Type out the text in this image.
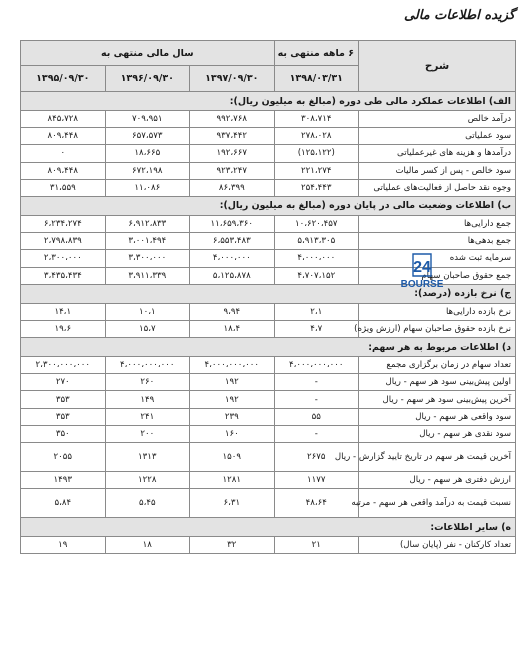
گزیده اطلاعات مالی
شرح	۶ ماهه منتهی به	سال مالی منتهی به		
	۱۳۹۸/۰۳/۳۱	۱۳۹۷/۰۹/۳۰	۱۳۹۶/۰۹/۳۰	۱۳۹۵/۰۹/۳۰
الف) اطلاعات عملکرد مالی طی دوره (مبالغ به میلیون ریال):				
درآمد خالص	۳۰۸،۷۱۴	۹۹۲،۷۶۸	۷۰۹،۹۵۱	۸۴۵،۷۲۸
سود عملیاتی	۲۷۸،۰۲۸	۹۳۷،۴۴۲	۶۵۷،۵۷۳	۸۰۹،۴۴۸
درآمدها و هزینه های غیرعملیاتی	(۱۲۵،۱۲۲)	۱۹۲،۶۶۷	۱۸،۶۶۵	۰
سود خالص - پس از کسر مالیات	۲۲۱،۲۷۴	۹۲۳،۲۴۷	۶۷۲،۱۹۸	۸۰۹،۴۴۸
وجوه نقد حاصل از فعالیت‌های عملیاتی	۲۵۴،۴۴۳	۸۶،۳۹۹	۱۱،۰۸۶	۳۱،۵۵۹
ب) اطلاعات وضعیت مالی در پایان دوره (مبالغ به میلیون ریال):				
جمع دارایی‌ها	۱۰،۶۲۰،۴۵۷	۱۱،۶۵۹،۳۶۰	۶،۹۱۲،۸۳۳	۶،۲۳۴،۲۷۴
جمع بدهی‌ها	۵،۹۱۳،۳۰۵	۶،۵۵۳،۴۸۳	۳،۰۰۱،۴۹۴	۲،۷۹۸،۸۳۹
سرمایه ثبت شده	۴،۰۰۰،۰۰۰	۴،۰۰۰،۰۰۰	۳،۳۰۰،۰۰۰	۲،۳۰۰،۰۰۰
جمع حقوق صاحبان سهام	۴،۷۰۷،۱۵۲	۵،۱۲۵،۸۷۸	۳،۹۱۱،۳۳۹	۳،۴۳۵،۴۳۴
ج) نرخ بازده (درصد):				
نرخ بازده دارایی‌ها	۲،۱	۹،۹۴	۱۰،۱	۱۴،۱
نرخ بازده حقوق صاحبان سهام (ارزش ویژه)	۴،۷	۱۸،۴	۱۵،۷	۱۹،۶
د) اطلاعات مربوط به هر سهم:				
تعداد سهام در زمان برگزاری مجمع	۴،۰۰۰،۰۰۰،۰۰۰	۴،۰۰۰،۰۰۰،۰۰۰	۴،۰۰۰،۰۰۰،۰۰۰	۲،۳۰۰،۰۰۰،۰۰۰
اولین پیش‌بینی سود هر سهم - ریال	-	۱۹۲	۲۶۰	۲۷۰
آخرین پیش‌بینی سود هر سهم - ریال	-	۱۹۲	۱۴۹	۳۵۳
سود واقعی هر سهم - ریال	۵۵	۲۳۹	۲۴۱	۳۵۳
سود نقدی هر سهم - ریال	-	۱۶۰	۲۰۰	۳۵۰
آخرین قیمت هر سهم در تاریخ تایید گزارش - ریال	۲۶۷۵	۱۵۰۹	۱۳۱۳	۲۰۵۵
ارزش دفتری هر سهم - ریال	۱۱۷۷	۱۲۸۱	۱۲۲۸	۱۴۹۳
نسبت قیمت به درآمد واقعی هر سهم - مرتبه	۴۸،۶۴	۶،۳۱	۵،۴۵	۵،۸۴
ه) سایر اطلاعات:				
تعداد کارکنان - نفر (پایان سال)	۲۱	۳۲	۱۸	۱۹
24
BOURSE
